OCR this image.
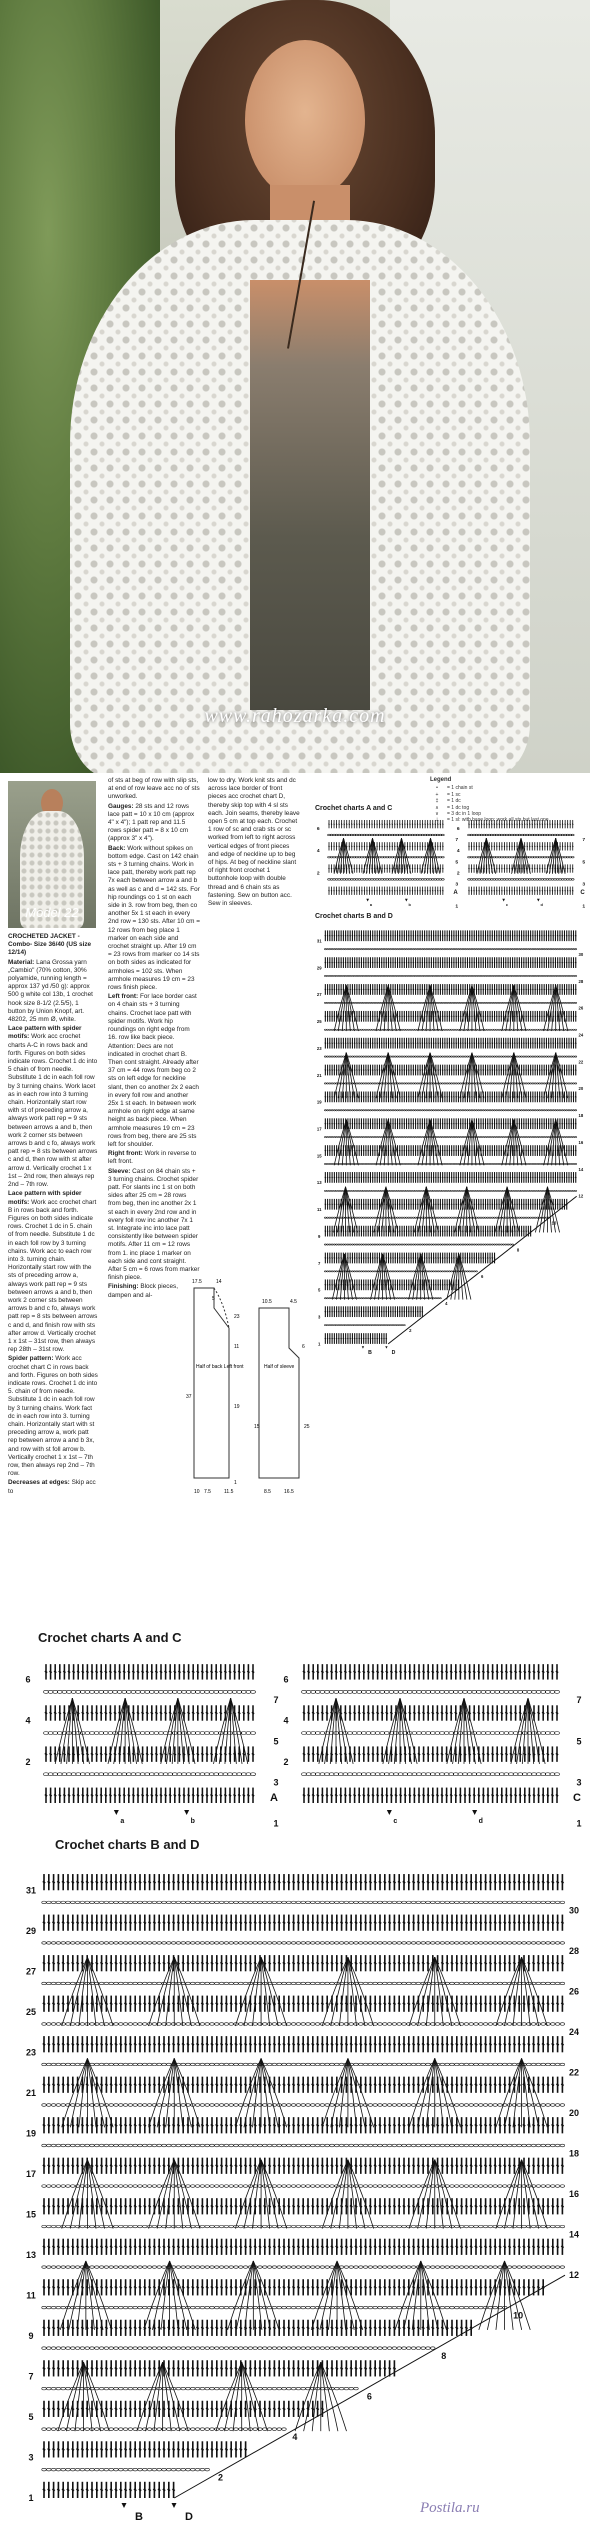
www.rahozarka.com
Model 22
CROCHETED JACKET - Combo- Size 36/40 (US size 12/14)
Material: Lana Grossa yarn „Cambio" (70% cotton, 30% polyamide, running length = approx 137 yd /50 g): approx 500 g white col 13b, 1 crochet hook size 8-1/2 (2.5/5), 1 button by Union Knopf, art. 48202, 25 mm Ø, white.
Lace pattern with spider motifs: Work acc crochet charts A-C in rows back and forth. Figures on both sides indicate rows. Crochet 1 dc into 5 chain of from needle. Substitute 1 dc in each foll row by 3 turning chains. Work lacet as in each row into 3 turning chain. Horizontally start row with st of preceding arrow a, always work patt rep = 9 sts between arrows a and b, then work 2 corner sts between arrows b and c fo, always work patt rep = 8 sts between arrows c and d, then row with st after arrow d. Vertically crochet 1 x 1st – 2nd row, then always rep 2nd – 7th row.
Lace pattern with spider motifs: Work acc crochet chart B in rows back and forth. Figures on both sides indicate rows. Crochet 1 dc in 5. chain of from needle. Substitute 1 dc in each foll row by 3 turning chains. Work acc to each row into 3. turning chain. Horizontally start row with the sts of preceding arrow a, always work patt rep = 9 sts between arrows a and b, then work 2 corner sts between arrows b and c fo, always work patt rep = 8 sts between arrows c and d, and finish row with sts after arrow d. Vertically crochet 1 x 1st – 31st row, then always rep 28th – 31st row.
Spider pattern: Work acc crochet chart C in rows back and forth. Figures on both sides indicate rows. Crochet 1 dc into 5. chain of from needle. Substitute 1 dc in each foll row by 3 turning chains. Work fact dc in each row into 3. turning chain. Horizontally start with st preceding arrow a, work patt rep between arrow a and b 3x, and row with st foll arrow b. Vertically crochet 1 x 1st – 7th row, then always rep 2nd – 7th row.
Decreases at edges: Skip acc to
of sts at beg of row with slip sts, at end of row leave acc no of sts unworked.
Gauges: 28 sts and 12 rows lace patt = 10 x 10 cm (approx 4" x 4"); 1 patt rep and 11.5 rows spider patt = 8 x 10 cm (approx 3" x 4").
Back: Work without spikes on bottom edge. Cast on 142 chain sts + 3 turning chains. Work in lace patt, thereby work patt rep 7x each between arrow a and b as well as c and d = 142 sts. For hip roundings co 1 st on each side in 3. row from beg, then co another 5x 1 st each in every 2nd row = 130 sts. After 10 cm = 12 rows from beg place 1 marker on each side and crochet straight up. After 19 cm = 23 rows from marker co 14 sts on both sides as indicated for armholes = 102 sts. When armhole measures 19 cm = 23 rows finish piece.
Left front: For lace border cast on 4 chain sts + 3 turning chains. Crochet lace patt with spider motifs. Work hip roundings on right edge from 16. row like back piece. Attention: Decs are not indicated in crochet chart B. Then cont straight. Already after 37 cm = 44 rows from beg co 2 sts on left edge for neckline slant, then co another 2x 2 each in every foll row and another 25x 1 st each. In between work armhole on right edge at same height as back piece. When armhole measures 19 cm = 23 rows from beg, there are 25 sts left for shoulder.
Right front: Work in reverse to left front.
Sleeve: Cast on 84 chain sts + 3 turning chains. Crochet spider patt. For slants inc 1 st on both sides after 25 cm = 28 rows from beg, then inc another 2x 1 st each in every 2nd row and in every foll row inc another 7x 1 st. Integrate inc into lace patt consistently like between spider motifs. After 11 cm = 12 rows from 1. inc place 1 marker on each side and cont straight. After 5 cm = 6 rows from marker finish piece.
Finishing: Block pieces, dampen and al-
low to dry. Work knit sts and dc across lace border of front pieces acc crochet chart D, thereby skip top with 4 sl sts each. Join seams, thereby leave open 5 cm at top each. Crochet 1 row of sc and crab sts or sc worked from left to right across vertical edges of front pieces and edge of neckline up to beg of hips. At beg of neckline slant of right front crochet 1 buttonhole loop with double thread and 6 chain sts as fastening. Sew on button acc. Sew in sleeves.
Legend
•	= 1 chain st
+	= 1 sc
‡	= 1 dc
∧	= 1 dc tog
∨	= 3 dc in 1 loop
⊥	= 1 sl: with base loop: work all sts but last one
Half of back Left front	Half of sleeve
17.5	14
23
19
10
37
5
7.5
11
1
11.5
10.5	4.5
6
25
8.5	16.5
15
Crochet charts A and C
6
4
2
7
5
3
1
A
a	b
6
4
2
7
5
3
1
C
c	d
Crochet charts B and D
31
29
27
25
23
21
19
17
15
13
11
9
7
5
3
1
30
28
26
24
22
20
18
16
14
12
10
8
6
4
2
B	D
Crochet charts A and C
6
4
2
7
5
3
1
A
a	b
6
4
2
7
5
3
1
C
c	d
Crochet charts B and D
31
29
27
25
23
21
19
17
15
13
11
9
7
5
3
1
30
28
26
24
22
20
18
16
14
12
10
8
6
4
2
B	D
Postila.ru
